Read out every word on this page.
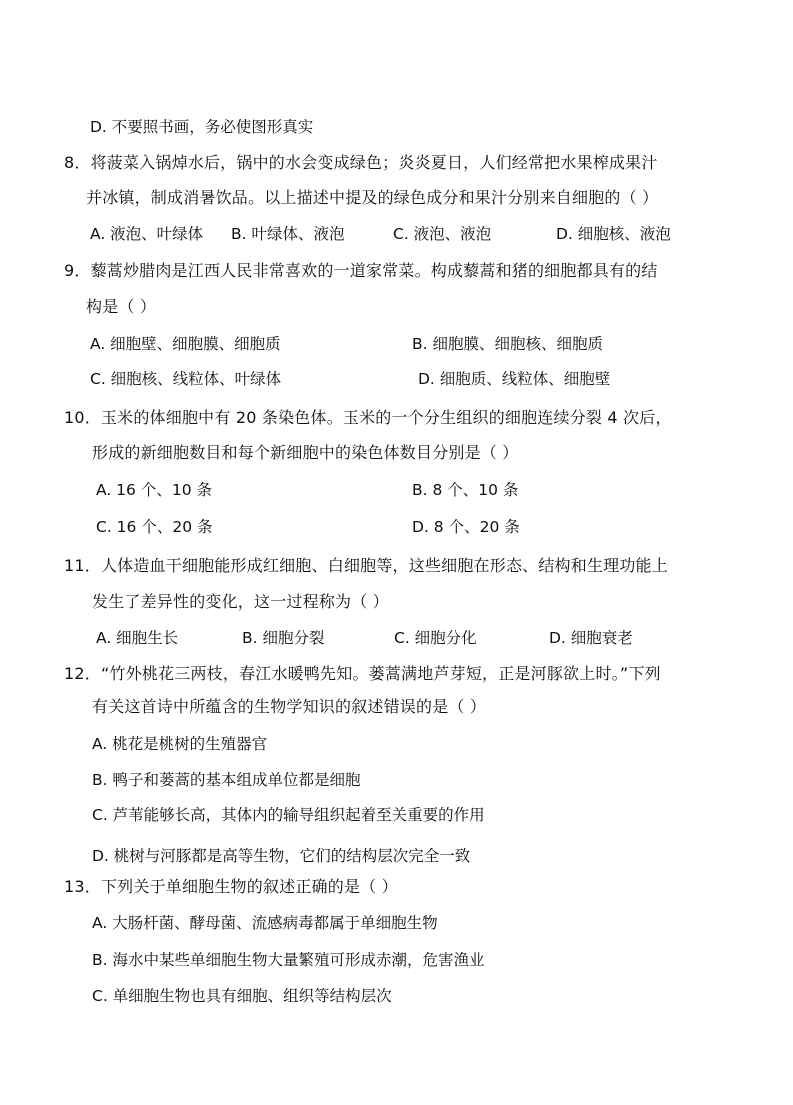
D. 不要照书画，务必使图形真实
8．将菠菜入锅焯水后，锅中的水会变成绿色；炎炎夏日，人们经常把水果榨成果汁
并冰镇，制成消暑饮品。以上描述中提及的绿色成分和果汁分别来自细胞的（ ）
A. 液泡、叶绿体 B. 叶绿体、液泡	C. 液泡、液泡	D. 细胞核、液泡
9．藜蒿炒腊肉是江西人民非常喜欢的一道家常菜。构成藜蒿和猪的细胞都具有的结
构是（ ）
A. 细胞壁、细胞膜、细胞质	B. 细胞膜、细胞核、细胞质
C. 细胞核、线粒体、叶绿体	D. 细胞质、线粒体、细胞壁
10．玉米的体细胞中有 20 条染色体。玉米的一个分生组织的细胞连续分裂 4 次后，
形成的新细胞数目和每个新细胞中的染色体数目分别是（ ）
A. 16 个、10 条	B. 8 个、10 条
C. 16 个、20 条	D. 8 个、20 条
11．人体造血干细胞能形成红细胞、白细胞等，这些细胞在形态、结构和生理功能上
发生了差异性的变化，这一过程称为（ ）
A. 细胞生长	B. 细胞分裂	C. 细胞分化	D. 细胞衰老
12．“竹外桃花三两枝，春江水暖鸭先知。蒌蒿满地芦芽短，正是河豚欲上时。”下列
有关这首诗中所蕴含的生物学知识的叙述错误的是（ ）
A. 桃花是桃树的生殖器官
B. 鸭子和蒌蒿的基本组成单位都是细胞
C. 芦苇能够长高，其体内的输导组织起着至关重要的作用
D. 桃树与河豚都是高等生物，它们的结构层次完全一致
13．下列关于单细胞生物的叙述正确的是（ ）
A. 大肠杆菌、酵母菌、流感病毒都属于单细胞生物
B. 海水中某些单细胞生物大量繁殖可形成赤潮，危害渔业
C. 单细胞生物也具有细胞、组织等结构层次
